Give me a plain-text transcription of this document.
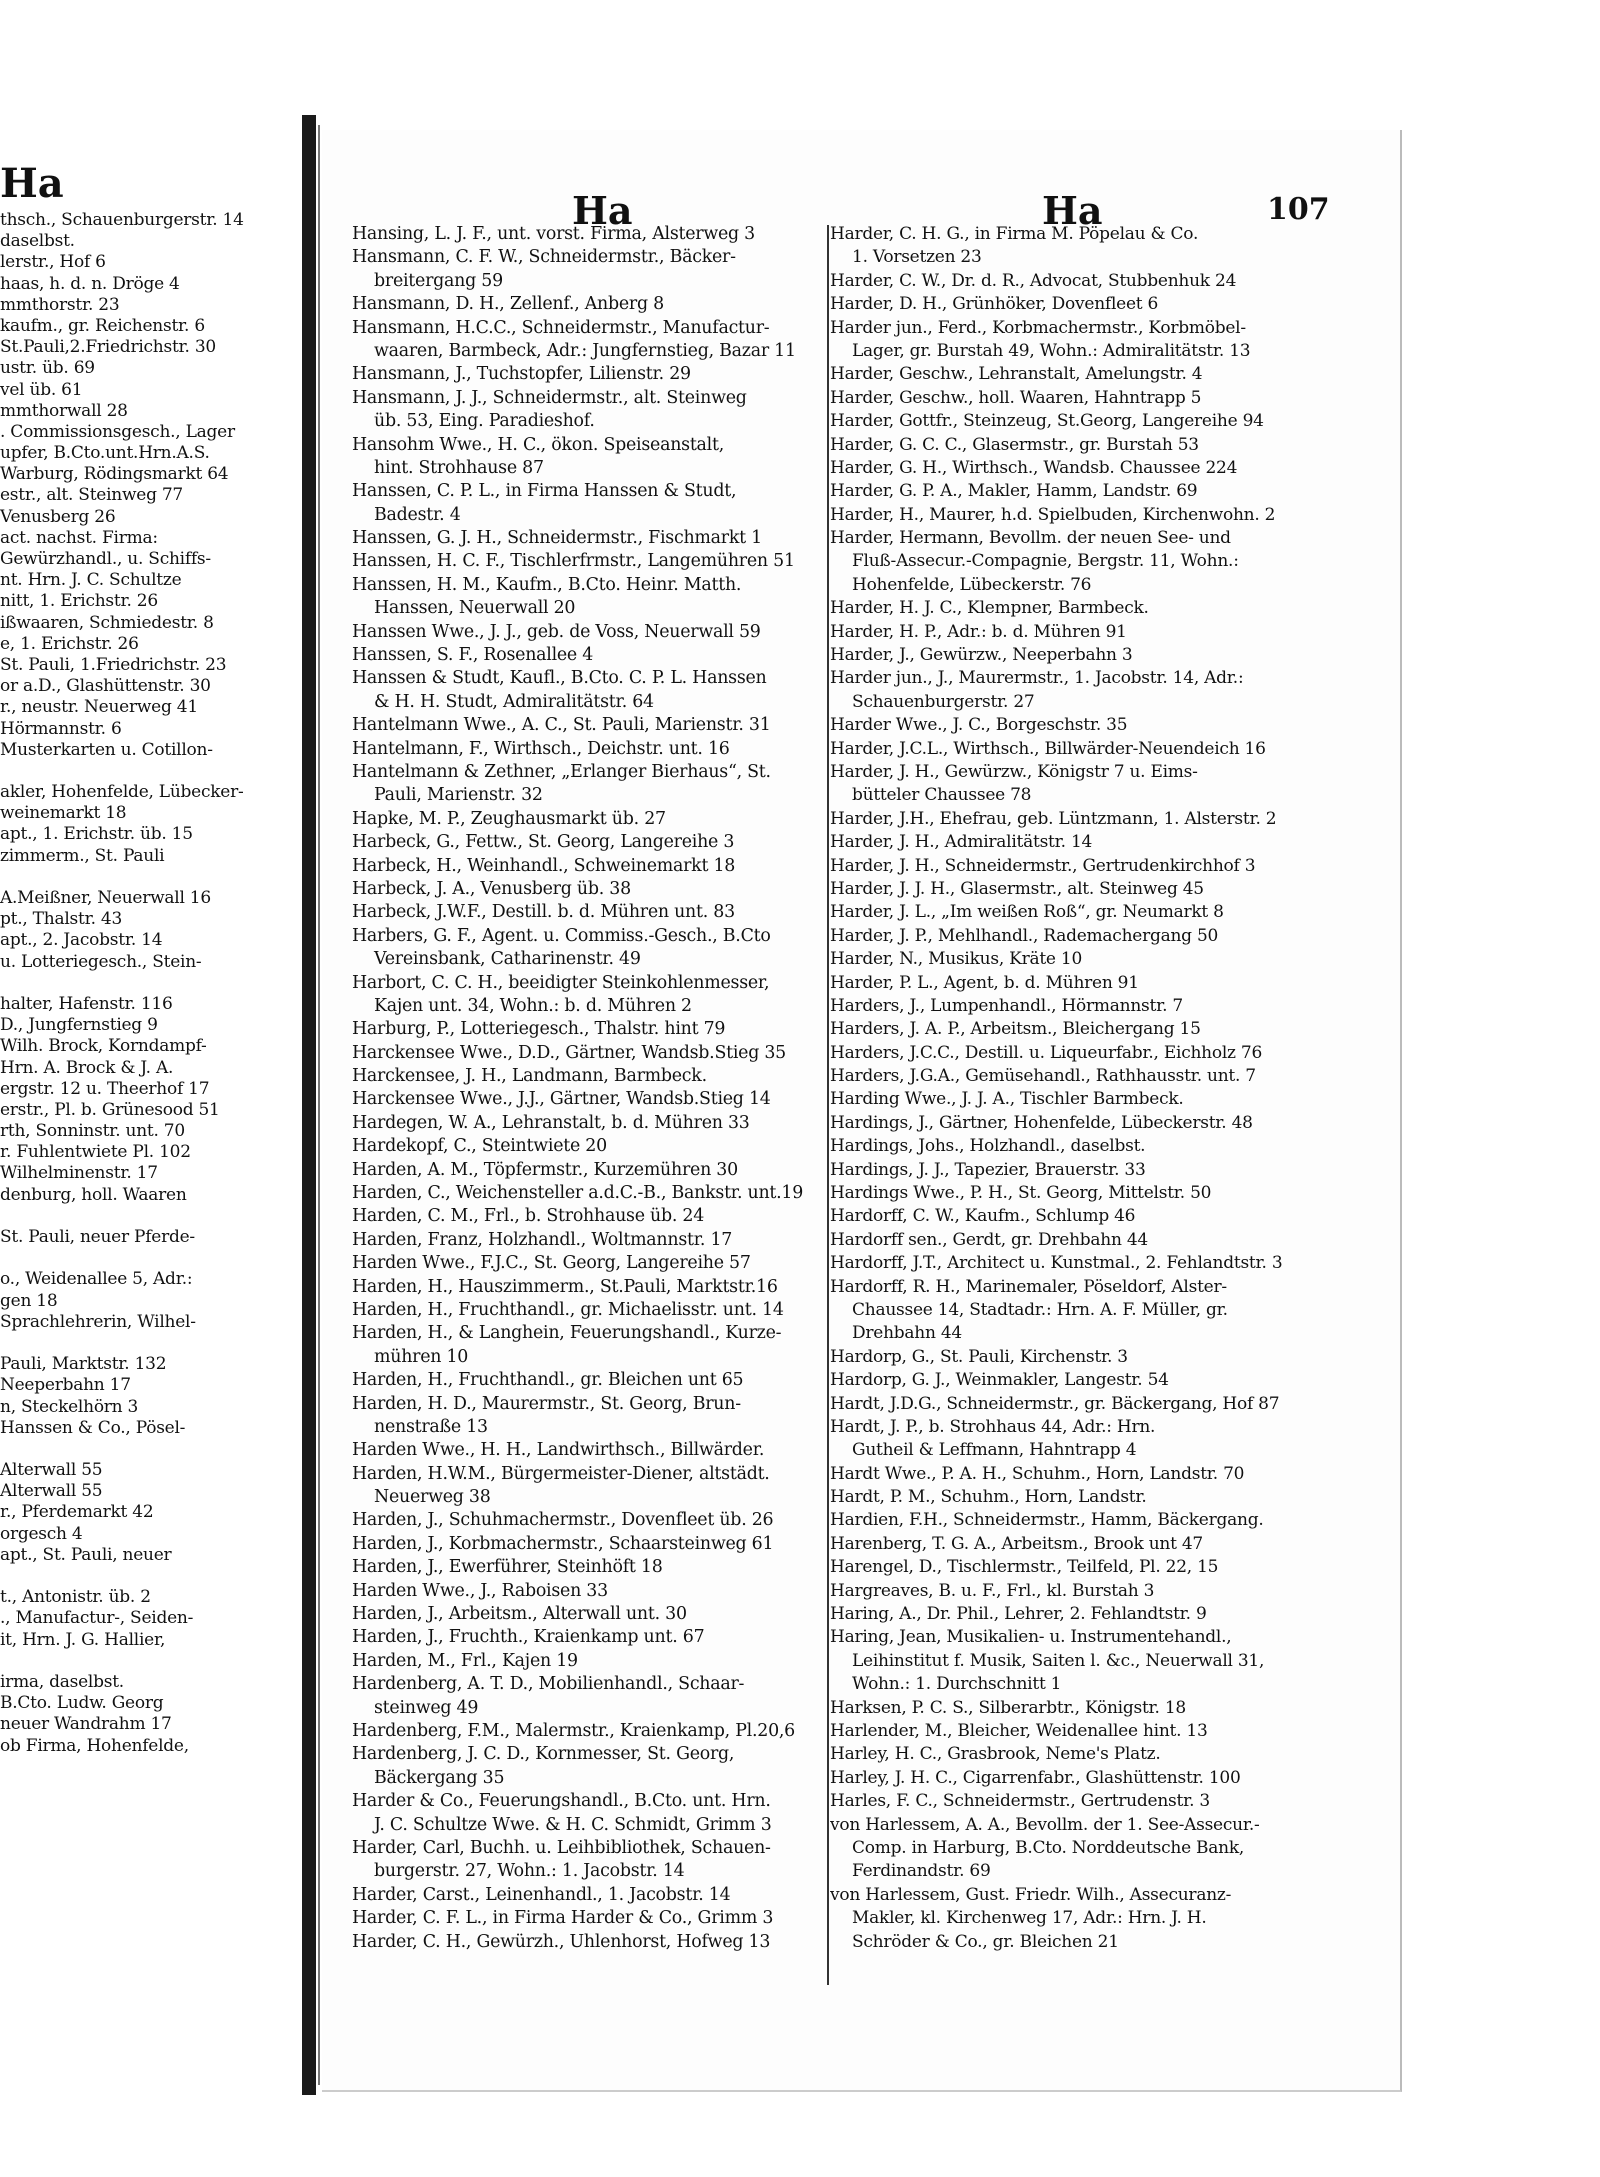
Ha
thsch., Schauenburgerstr. 14
daselbst.
lerstr., Hof 6
haas, h. d. n. Dröge 4
mmthorstr. 23
kaufm., gr. Reichenstr. 6
St.Pauli,2.Friedrichstr. 30
ustr. üb. 69
vel üb. 61
mmthorwall 28
. Commissionsgesch., Lager
upfer, B.Cto.unt.Hrn.A.S.
Warburg, Rödingsmarkt 64
estr., alt. Steinweg 77
Venusberg 26
act. nachst. Firma:
Gewürzhandl., u. Schiffs-
nt. Hrn. J. C. Schultze
nitt, 1. Erichstr. 26
ißwaaren, Schmiedestr. 8
e, 1. Erichstr. 26
St. Pauli, 1.Friedrichstr. 23
or a.D., Glashüttenstr. 30
r., neustr. Neuerweg 41
Hörmannstr. 6
Musterkarten u. Cotillon-
akler, Hohenfelde, Lübecker-
weinemarkt 18
apt., 1. Erichstr. üb. 15
zimmerm., St. Pauli
A.Meißner, Neuerwall 16
pt., Thalstr. 43
apt., 2. Jacobstr. 14
u. Lotteriegesch., Stein-
halter, Hafenstr. 116
D., Jungfernstieg 9
Wilh. Brock, Korndampf-
Hrn. A. Brock & J. A.
ergstr. 12 u. Theerhof 17
erstr., Pl. b. Grünesood 51
rth, Sonninstr. unt. 70
r. Fuhlentwiete Pl. 102
Wilhelminenstr. 17
denburg, holl. Waaren
St. Pauli, neuer Pferde-
o., Weidenallee 5, Adr.:
gen 18
Sprachlehrerin, Wilhel-
Pauli, Marktstr. 132
Neeperbahn 17
n, Steckelhörn 3
Hanssen & Co., Pösel-
Alterwall 55
Alterwall 55
r., Pferdemarkt 42
orgesch 4
apt., St. Pauli, neuer
t., Antonistr. üb. 2
., Manufactur-, Seiden-
it, Hrn. J. G. Hallier,
irma, daselbst.
B.Cto. Ludw. Georg
neuer Wandrahm 17
ob Firma, Hohenfelde,
Ha	Ha	107
Hansing, L. J. F., unt. vorst. Firma, Alsterweg 3
Hansmann, C. F. W., Schneidermstr., Bäcker-
breitergang 59
Hansmann, D. H., Zellenf., Anberg 8
Hansmann, H.C.C., Schneidermstr., Manufactur-
waaren, Barmbeck, Adr.: Jungfernstieg, Bazar 11
Hansmann, J., Tuchstopfer, Lilienstr. 29
Hansmann, J. J., Schneidermstr., alt. Steinweg
üb. 53, Eing. Paradieshof.
Hansohm Wwe., H. C., ökon. Speiseanstalt,
hint. Strohhause 87
Hanssen, C. P. L., in Firma Hanssen & Studt,
Badestr. 4
Hanssen, G. J. H., Schneidermstr., Fischmarkt 1
Hanssen, H. C. F., Tischlerfrmstr., Langemühren 51
Hanssen, H. M., Kaufm., B.Cto. Heinr. Matth.
Hanssen, Neuerwall 20
Hanssen Wwe., J. J., geb. de Voss, Neuerwall 59
Hanssen, S. F., Rosenallee 4
Hanssen & Studt, Kaufl., B.Cto. C. P. L. Hanssen
& H. H. Studt, Admiralitätstr. 64
Hantelmann Wwe., A. C., St. Pauli, Marienstr. 31
Hantelmann, F., Wirthsch., Deichstr. unt. 16
Hantelmann & Zethner, „Erlanger Bierhaus“, St.
Pauli, Marienstr. 32
Hapke, M. P., Zeughausmarkt üb. 27
Harbeck, G., Fettw., St. Georg, Langereihe 3
Harbeck, H., Weinhandl., Schweinemarkt 18
Harbeck, J. A., Venusberg üb. 38
Harbeck, J.W.F., Destill. b. d. Mühren unt. 83
Harbers, G. F., Agent. u. Commiss.-Gesch., B.Cto
Vereinsbank, Catharinenstr. 49
Harbort, C. C. H., beeidigter Steinkohlenmesser,
Kajen unt. 34, Wohn.: b. d. Mühren 2
Harburg, P., Lotteriegesch., Thalstr. hint 79
Harckensee Wwe., D.D., Gärtner, Wandsb.Stieg 35
Harckensee, J. H., Landmann, Barmbeck.
Harckensee Wwe., J.J., Gärtner, Wandsb.Stieg 14
Hardegen, W. A., Lehranstalt, b. d. Mühren 33
Hardekopf, C., Steintwiete 20
Harden, A. M., Töpfermstr., Kurzemühren 30
Harden, C., Weichensteller a.d.C.-B., Bankstr. unt.19
Harden, C. M., Frl., b. Strohhause üb. 24
Harden, Franz, Holzhandl., Woltmannstr. 17
Harden Wwe., F.J.C., St. Georg, Langereihe 57
Harden, H., Hauszimmerm., St.Pauli, Marktstr.16
Harden, H., Fruchthandl., gr. Michaelisstr. unt. 14
Harden, H., & Langhein, Feuerungshandl., Kurze-
mühren 10
Harden, H., Fruchthandl., gr. Bleichen unt 65
Harden, H. D., Maurermstr., St. Georg, Brun-
nenstraße 13
Harden Wwe., H. H., Landwirthsch., Billwärder.
Harden, H.W.M., Bürgermeister-Diener, altstädt.
Neuerweg 38
Harden, J., Schuhmachermstr., Dovenfleet üb. 26
Harden, J., Korbmachermstr., Schaarsteinweg 61
Harden, J., Ewerführer, Steinhöft 18
Harden Wwe., J., Raboisen 33
Harden, J., Arbeitsm., Alterwall unt. 30
Harden, J., Fruchth., Kraienkamp unt. 67
Harden, M., Frl., Kajen 19
Hardenberg, A. T. D., Mobilienhandl., Schaar-
steinweg 49
Hardenberg, F.M., Malermstr., Kraienkamp, Pl.20,6
Hardenberg, J. C. D., Kornmesser, St. Georg,
Bäckergang 35
Harder & Co., Feuerungshandl., B.Cto. unt. Hrn.
J. C. Schultze Wwe. & H. C. Schmidt, Grimm 3
Harder, Carl, Buchh. u. Leihbibliothek, Schauen-
burgerstr. 27, Wohn.: 1. Jacobstr. 14
Harder, Carst., Leinenhandl., 1. Jacobstr. 14
Harder, C. F. L., in Firma Harder & Co., Grimm 3
Harder, C. H., Gewürzh., Uhlenhorst, Hofweg 13
Harder, C. H. G., in Firma M. Pöpelau & Co.
1. Vorsetzen 23
Harder, C. W., Dr. d. R., Advocat, Stubbenhuk 24
Harder, D. H., Grünhöker, Dovenfleet 6
Harder jun., Ferd., Korbmachermstr., Korbmöbel-
Lager, gr. Burstah 49, Wohn.: Admiralitätstr. 13
Harder, Geschw., Lehranstalt, Amelungstr. 4
Harder, Geschw., holl. Waaren, Hahntrapp 5
Harder, Gottfr., Steinzeug, St.Georg, Langereihe 94
Harder, G. C. C., Glasermstr., gr. Burstah 53
Harder, G. H., Wirthsch., Wandsb. Chaussee 224
Harder, G. P. A., Makler, Hamm, Landstr. 69
Harder, H., Maurer, h.d. Spielbuden, Kirchenwohn. 2
Harder, Hermann, Bevollm. der neuen See- und
Fluß-Assecur.-Compagnie, Bergstr. 11, Wohn.:
Hohenfelde, Lübeckerstr. 76
Harder, H. J. C., Klempner, Barmbeck.
Harder, H. P., Adr.: b. d. Mühren 91
Harder, J., Gewürzw., Neeperbahn 3
Harder jun., J., Maurermstr., 1. Jacobstr. 14, Adr.:
Schauenburgerstr. 27
Harder Wwe., J. C., Borgeschstr. 35
Harder, J.C.L., Wirthsch., Billwärder-Neuendeich 16
Harder, J. H., Gewürzw., Königstr 7 u. Eims-
bütteler Chaussee 78
Harder, J.H., Ehefrau, geb. Lüntzmann, 1. Alsterstr. 2
Harder, J. H., Admiralitätstr. 14
Harder, J. H., Schneidermstr., Gertrudenkirchhof 3
Harder, J. J. H., Glasermstr., alt. Steinweg 45
Harder, J. L., „Im weißen Roß“, gr. Neumarkt 8
Harder, J. P., Mehlhandl., Rademachergang 50
Harder, N., Musikus, Kräte 10
Harder, P. L., Agent, b. d. Mühren 91
Harders, J., Lumpenhandl., Hörmannstr. 7
Harders, J. A. P., Arbeitsm., Bleichergang 15
Harders, J.C.C., Destill. u. Liqueurfabr., Eichholz 76
Harders, J.G.A., Gemüsehandl., Rathhausstr. unt. 7
Harding Wwe., J. J. A., Tischler Barmbeck.
Hardings, J., Gärtner, Hohenfelde, Lübeckerstr. 48
Hardings, Johs., Holzhandl., daselbst.
Hardings, J. J., Tapezier, Brauerstr. 33
Hardings Wwe., P. H., St. Georg, Mittelstr. 50
Hardorff, C. W., Kaufm., Schlump 46
Hardorff sen., Gerdt, gr. Drehbahn 44
Hardorff, J.T., Architect u. Kunstmal., 2. Fehlandtstr. 3
Hardorff, R. H., Marinemaler, Pöseldorf, Alster-
Chaussee 14, Stadtadr.: Hrn. A. F. Müller, gr.
Drehbahn 44
Hardorp, G., St. Pauli, Kirchenstr. 3
Hardorp, G. J., Weinmakler, Langestr. 54
Hardt, J.D.G., Schneidermstr., gr. Bäckergang, Hof 87
Hardt, J. P., b. Strohhaus 44, Adr.: Hrn.
Gutheil & Leffmann, Hahntrapp 4
Hardt Wwe., P. A. H., Schuhm., Horn, Landstr. 70
Hardt, P. M., Schuhm., Horn, Landstr.
Hardien, F.H., Schneidermstr., Hamm, Bäckergang.
Harenberg, T. G. A., Arbeitsm., Brook unt 47
Harengel, D., Tischlermstr., Teilfeld, Pl. 22, 15
Hargreaves, B. u. F., Frl., kl. Burstah 3
Haring, A., Dr. Phil., Lehrer, 2. Fehlandtstr. 9
Haring, Jean, Musikalien- u. Instrumentehandl.,
Leihinstitut f. Musik, Saiten l. &c., Neuerwall 31,
Wohn.: 1. Durchschnitt 1
Harksen, P. C. S., Silberarbtr., Königstr. 18
Harlender, M., Bleicher, Weidenallee hint. 13
Harley, H. C., Grasbrook, Neme's Platz.
Harley, J. H. C., Cigarrenfabr., Glashüttenstr. 100
Harles, F. C., Schneidermstr., Gertrudenstr. 3
von Harlessem, A. A., Bevollm. der 1. See-Assecur.-
Comp. in Harburg, B.Cto. Norddeutsche Bank,
Ferdinandstr. 69
von Harlessem, Gust. Friedr. Wilh., Assecuranz-
Makler, kl. Kirchenweg 17, Adr.: Hrn. J. H.
Schröder & Co., gr. Bleichen 21
